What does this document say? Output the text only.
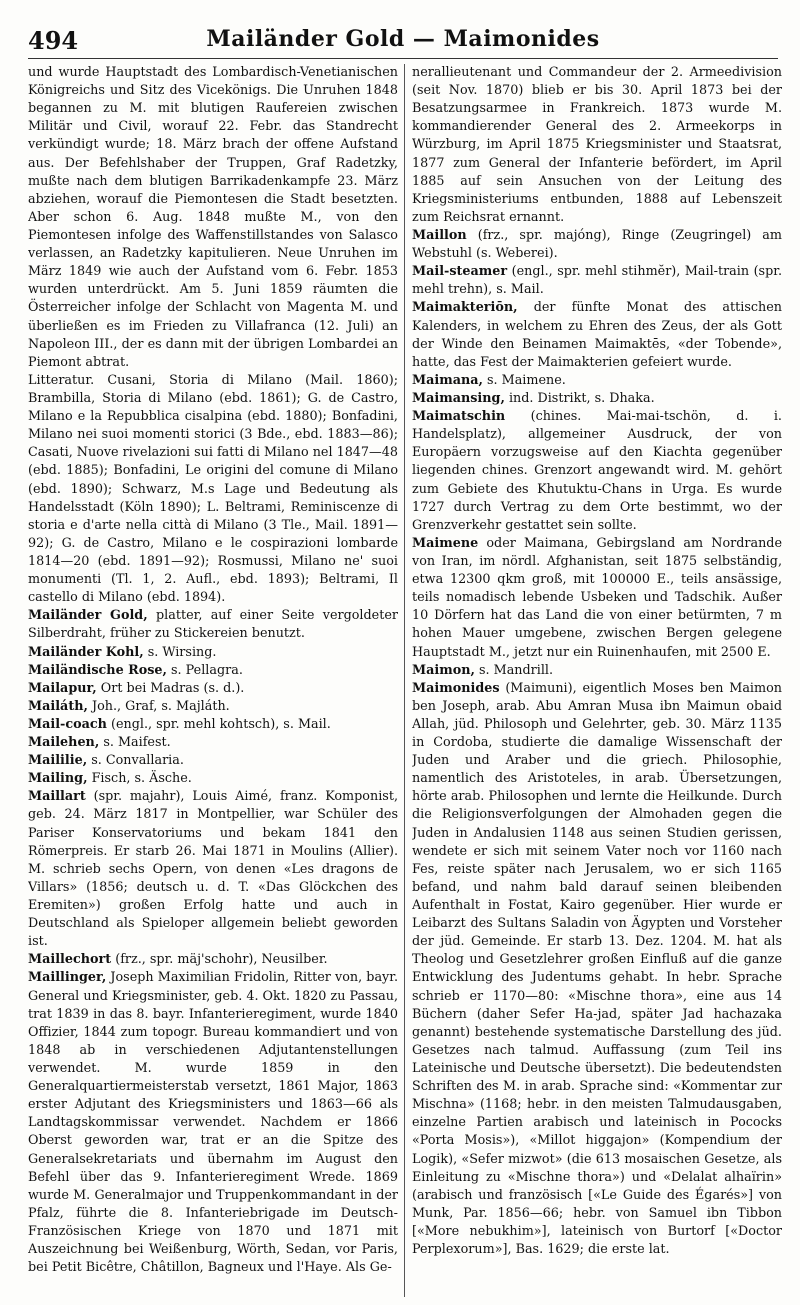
494	Mailänder Gold — Maimonides

und wurde Hauptstadt des Lombardisch-Venetianischen Königreichs und Sitz des Vicekönigs. Die Unruhen 1848 begannen zu M. mit blutigen Raufereien zwischen Militär und Civil, worauf 22. Febr. das Standrecht verkündigt wurde; 18. März brach der offene Aufstand aus. Der Befehlshaber der Truppen, Graf Radetzky, mußte nach dem blutigen Barrikadenkampfe 23. März abziehen, worauf die Piemontesen die Stadt besetzten. Aber schon 6. Aug. 1848 mußte M., von den Piemontesen infolge des Waffenstillstandes von Salasco verlassen, an Radetzky kapitulieren. Neue Unruhen im März 1849 wie auch der Aufstand vom 6. Febr. 1853 wurden unterdrückt. Am 5. Juni 1859 räumten die Österreicher infolge der Schlacht von Magenta M. und überließen es im Frieden zu Villafranca (12. Juli) an Napoleon III., der es dann mit der übrigen Lombardei an Piemont abtrat.

Litteratur. Cusani, Storia di Milano (Mail. 1860); Brambilla, Storia di Milano (ebd. 1861); G. de Castro, Milano e la Repubblica cisalpina (ebd. 1880); Bonfadini, Milano nei suoi momenti storici (3 Bde., ebd. 1883—86); Casati, Nuove rivelazioni sui fatti di Milano nel 1847—48 (ebd. 1885); Bonfadini, Le origini del comune di Milano (ebd. 1890); Schwarz, M.s Lage und Bedeutung als Handelsstadt (Köln 1890); L. Beltrami, Reminiscenze di storia e d'arte nella città di Milano (3 Tle., Mail. 1891—92); G. de Castro, Milano e le cospirazioni lombarde 1814—20 (ebd. 1891—92); Rosmussi, Milano ne' suoi monumenti (Tl. 1, 2. Aufl., ebd. 1893); Beltrami, Il castello di Milano (ebd. 1894).

Mailänder Gold, platter, auf einer Seite vergoldeter Silberdraht, früher zu Stickereien benutzt.

Mailänder Kohl, s. Wirsing.

Mailändische Rose, s. Pellagra.

Mailapur, Ort bei Madras (s. d.).

Mailáth, Joh., Graf, s. Majláth.

Mail-coach (engl., spr. mehl kohtsch), s. Mail.

Mailehen, s. Maifest.

Maililie, s. Convallaria.

Mailing, Fisch, s. Äsche.

Maillart (spr. majahr), Louis Aimé, franz. Komponist, geb. 24. März 1817 in Montpellier, war Schüler des Pariser Konservatoriums und bekam 1841 den Römerpreis. Er starb 26. Mai 1871 in Moulins (Allier). M. schrieb sechs Opern, von denen «Les dragons de Villars» (1856; deutsch u. d. T. «Das Glöckchen des Eremiten») großen Erfolg hatte und auch in Deutschland als Spieloper allgemein beliebt geworden ist.

Maillechort (frz., spr. mäj'schohr), Neusilber.

Maillinger, Joseph Maximilian Fridolin, Ritter von, bayr. General und Kriegsminister, geb. 4. Okt. 1820 zu Passau, trat 1839 in das 8. bayr. Infanterieregiment, wurde 1840 Offizier, 1844 zum topogr. Bureau kommandiert und von 1848 ab in verschiedenen Adjutantenstellungen verwendet. M. wurde 1859 in den Generalquartiermeisterstab versetzt, 1861 Major, 1863 erster Adjutant des Kriegsministers und 1863—66 als Landtagskommissar verwendet. Nachdem er 1866 Oberst geworden war, trat er an die Spitze des Generalsekretariats und übernahm im August den Befehl über das 9. Infanterieregiment Wrede. 1869 wurde M. Generalmajor und Truppenkommandant in der Pfalz, führte die 8. Infanteriebrigade im Deutsch-Französischen Kriege von 1870 und 1871 mit Auszeichnung bei Weißenburg, Wörth, Sedan, vor Paris, bei Petit Bicêtre, Châtillon, Bagneux und l'Haye. Als Ge-

nerallieutenant und Commandeur der 2. Armeedivision (seit Nov. 1870) blieb er bis 30. April 1873 bei der Besatzungsarmee in Frankreich. 1873 wurde M. kommandierender General des 2. Armeekorps in Würzburg, im April 1875 Kriegsminister und Staatsrat, 1877 zum General der Infanterie befördert, im April 1885 auf sein Ansuchen von der Leitung des Kriegsministeriums entbunden, 1888 auf Lebenszeit zum Reichsrat ernannt.

Maillon (frz., spr. majóng), Ringe (Zeugringel) am Webstuhl (s. Weberei).

Mail-steamer (engl., spr. mehl stihmĕr), Mail-train (spr. mehl trehn), s. Mail.

Maimakteriōn, der fünfte Monat des attischen Kalenders, in welchem zu Ehren des Zeus, der als Gott der Winde den Beinamen Maimaktēs, «der Tobende», hatte, das Fest der Maimakterien gefeiert wurde.

Maimana, s. Maimene.

Maimansing, ind. Distrikt, s. Dhaka.

Maimatschin (chines. Mai-mai-tschön, d. i. Handelsplatz), allgemeiner Ausdruck, der von Europäern vorzugsweise auf den Kiachta gegenüber liegenden chines. Grenzort angewandt wird. M. gehört zum Gebiete des Khutuktu-Chans in Urga. Es wurde 1727 durch Vertrag zu dem Orte bestimmt, wo der Grenzverkehr gestattet sein sollte.

Maimene oder Maimana, Gebirgsland am Nordrande von Iran, im nördl. Afghanistan, seit 1875 selbständig, etwa 12300 qkm groß, mit 100000 E., teils ansässige, teils nomadisch lebende Usbeken und Tadschik. Außer 10 Dörfern hat das Land die von einer betürmten, 7 m hohen Mauer umgebene, zwischen Bergen gelegene Hauptstadt M., jetzt nur ein Ruinenhaufen, mit 2500 E.

Maimon, s. Mandrill.

Maimonides (Maimuni), eigentlich Moses ben Maimon ben Joseph, arab. Abu Amran Musa ibn Maimun obaid Allah, jüd. Philosoph und Gelehrter, geb. 30. März 1135 in Cordoba, studierte die damalige Wissenschaft der Juden und Araber und die griech. Philosophie, namentlich des Aristoteles, in arab. Übersetzungen, hörte arab. Philosophen und lernte die Heilkunde. Durch die Religionsverfolgungen der Almohaden gegen die Juden in Andalusien 1148 aus seinen Studien gerissen, wendete er sich mit seinem Vater noch vor 1160 nach Fes, reiste später nach Jerusalem, wo er sich 1165 befand, und nahm bald darauf seinen bleibenden Aufenthalt in Fostat, Kairo gegenüber. Hier wurde er Leibarzt des Sultans Saladin von Ägypten und Vorsteher der jüd. Gemeinde. Er starb 13. Dez. 1204. M. hat als Theolog und Gesetzlehrer großen Einfluß auf die ganze Entwicklung des Judentums gehabt. In hebr. Sprache schrieb er 1170—80: «Mischne thora», eine aus 14 Büchern (daher Sefer Ha-jad, später Jad hachazaka genannt) bestehende systematische Darstellung des jüd. Gesetzes nach talmud. Auffassung (zum Teil ins Lateinische und Deutsche übersetzt). Die bedeutendsten Schriften des M. in arab. Sprache sind: «Kommentar zur Mischna» (1168; hebr. in den meisten Talmudausgaben, einzelne Partien arabisch und lateinisch in Pococks «Porta Mosis»), «Millot higgajon» (Kompendium der Logik), «Sefer mizwot» (die 613 mosaischen Gesetze, als Einleitung zu «Mischne thora») und «Delalat alhaïrin» (arabisch und französisch [«Le Guide des Égarés»] von Munk, Par. 1856—66; hebr. von Samuel ibn Tibbon [«More nebukhim»], lateinisch von Burtorf [«Doctor Perplexorum»], Bas. 1629; die erste lat.
